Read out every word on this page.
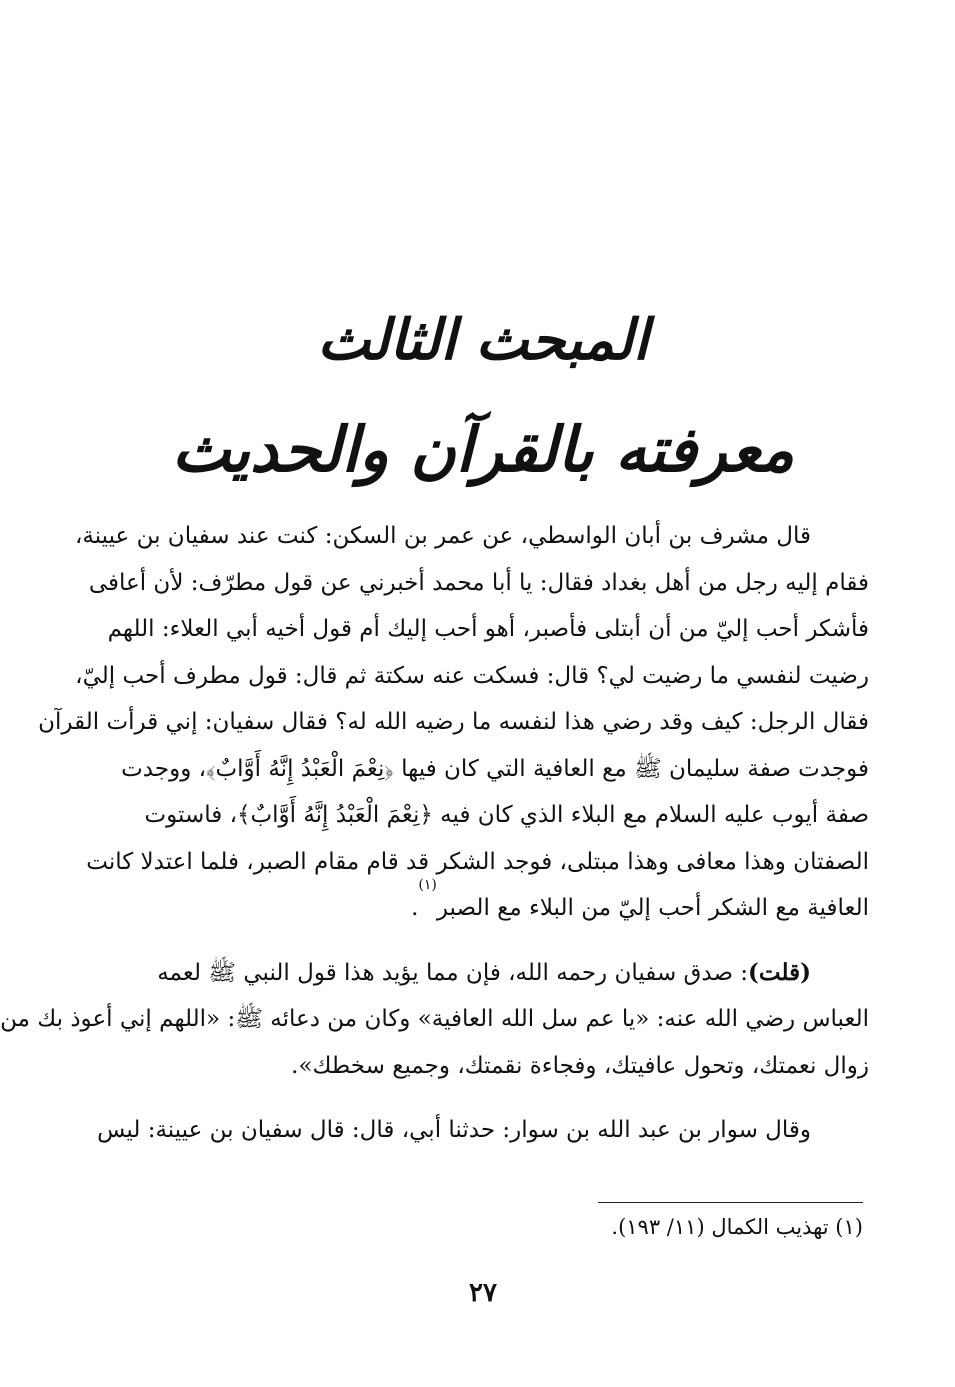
المبحث الثالث
معرفته بالقرآن والحديث
قال مشرف بن أبان الواسطي، عن عمر بن السكن: كنت عند سفيان بن عيينة،
فقام إليه رجل من أهل بغداد فقال: يا أبا محمد أخبرني عن قول مطرّف: لأن أعافى
فأشكر أحب إليّ من أن أبتلى فأصبر، أهو أحب إليك أم قول أخيه أبي العلاء: اللهم
رضيت لنفسي ما رضيت لي؟ قال: فسكت عنه سكتة ثم قال: قول مطرف أحب إليّ،
فقال الرجل: كيف وقد رضي هذا لنفسه ما رضيه الله له؟ فقال سفيان: إني قرأت القرآن
فوجدت صفة سليمان ﷺ مع العافية التي كان فيها ﴿نِعْمَ الْعَبْدُ إِنَّهُ أَوَّابٌ﴾، ووجدت
صفة أيوب عليه السلام مع البلاء الذي كان فيه ﴿نِعْمَ الْعَبْدُ إِنَّهُ أَوَّابٌ﴾، فاستوت
الصفتان وهذا معافى وهذا مبتلى، فوجد الشكر قد قام مقام الصبر، فلما اعتدلا كانت
العافية مع الشكر أحب إليّ من البلاء مع الصبر$^{(١)}$.
(قلت): صدق سفيان رحمه الله، فإن مما يؤيد هذا قول النبي ﷺ لعمه
العباس رضي الله عنه: «يا عم سل الله العافية» وكان من دعائه ﷺ: «اللهم إني أعوذ بك من
زوال نعمتك، وتحول عافيتك، وفجاءة نقمتك، وجميع سخطك».
وقال سوار بن عبد الله بن سوار: حدثنا أبي، قال: قال سفيان بن عيينة: ليس
(١) تهذيب الكمال (١١/ ١٩٣).
٢٧
